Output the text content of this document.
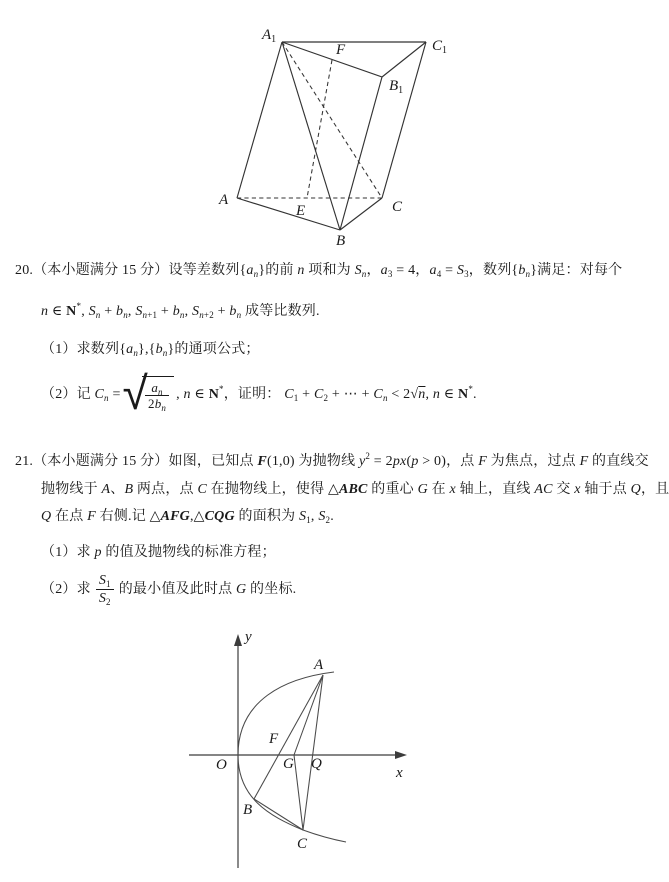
$A_1$
F	$C_1$
$B_1$
A
E	C
B
20.（本小题满分 15 分）设等差数列$\{a_n\}$的前 n 项和为 $S_n$，$a_3 = 4$，$a_4 = S_3$，数列$\{b_n\}$满足：对每个
n ∈ N*, $S_n + b_n$, $S_{n+1} + b_n$, $S_{n+2} + b_n$ 成等比数列.
（1）求数列$\{a_n\},\{b_n\}$的通项公式；
（2）记 $C_n$ = √
$\frac{a_n}{2b_n}$ , n ∈ N*，证明： $C_1 + C_2$ + ⋯ + $C_n < 2√n$, n ∈ N*.
21.（本小题满分 15 分）如图，已知点 F(1,0) 为抛物线 $y^2 = 2px(p > 0)$，点 F 为焦点，过点 F 的直线交
抛物线于 A、B 两点，点 C 在抛物线上，使得 △ABC 的重心 G 在 x 轴上，直线 AC 交 x 轴于点 Q，且
Q 在点 F 右侧.记 △AFG,△CQG 的面积为 $S_1$, $S_2$.
（1）求 p 的值及抛物线的标准方程；
（2）求 $\frac{S_1}{S_2}$ 的最小值及此时点 G 的坐标.
y
x
O
A
F
G Q
B
C
